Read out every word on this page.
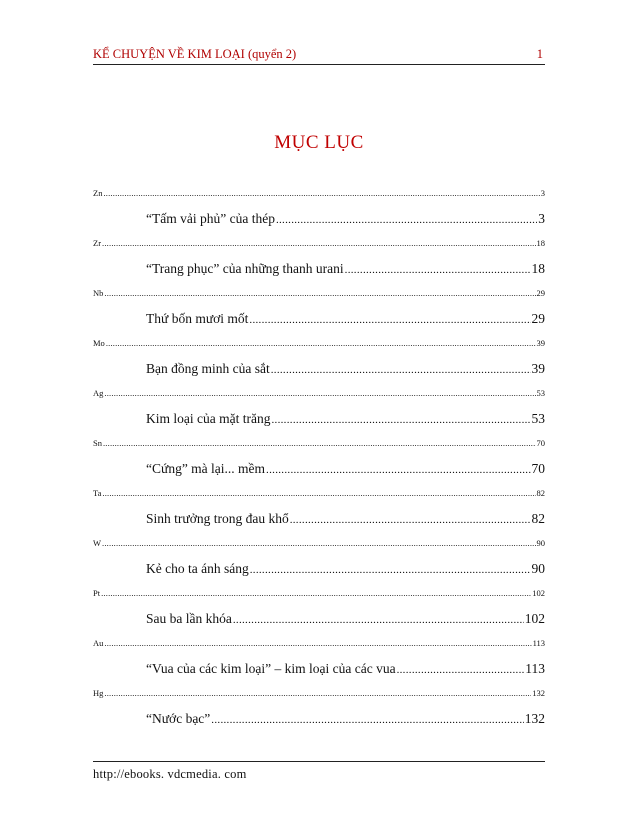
KỂ CHUYỆN VỀ KIM LOẠI (quyển 2)	1
MỤC LỤC
Zn .....	3
“Tấm vải phủ” của thép .....	3
Zr .....	18
“Trang phục” của những thanh urani .....	18
Nb .....	29
Thứ bốn mươi mốt .....	29
Mo .....	39
Bạn đồng minh của sắt .....	39
Ag .....	53
Kim loại của mặt trăng .....	53
Sn .....	70
“Cứng” mà lại... mềm .....	70
Ta .....	82
Sinh trưởng trong đau khổ .....	82
W .....	90
Kẻ cho ta ánh sáng .....	90
Pt .....	102
Sau ba lần khóa .....	102
Au .....	113
“Vua của các kim loại” – kim loại của các vua .....	113
Hg .....	132
“Nước bạc” .....	132
http://ebooks. vdcmedia. com
